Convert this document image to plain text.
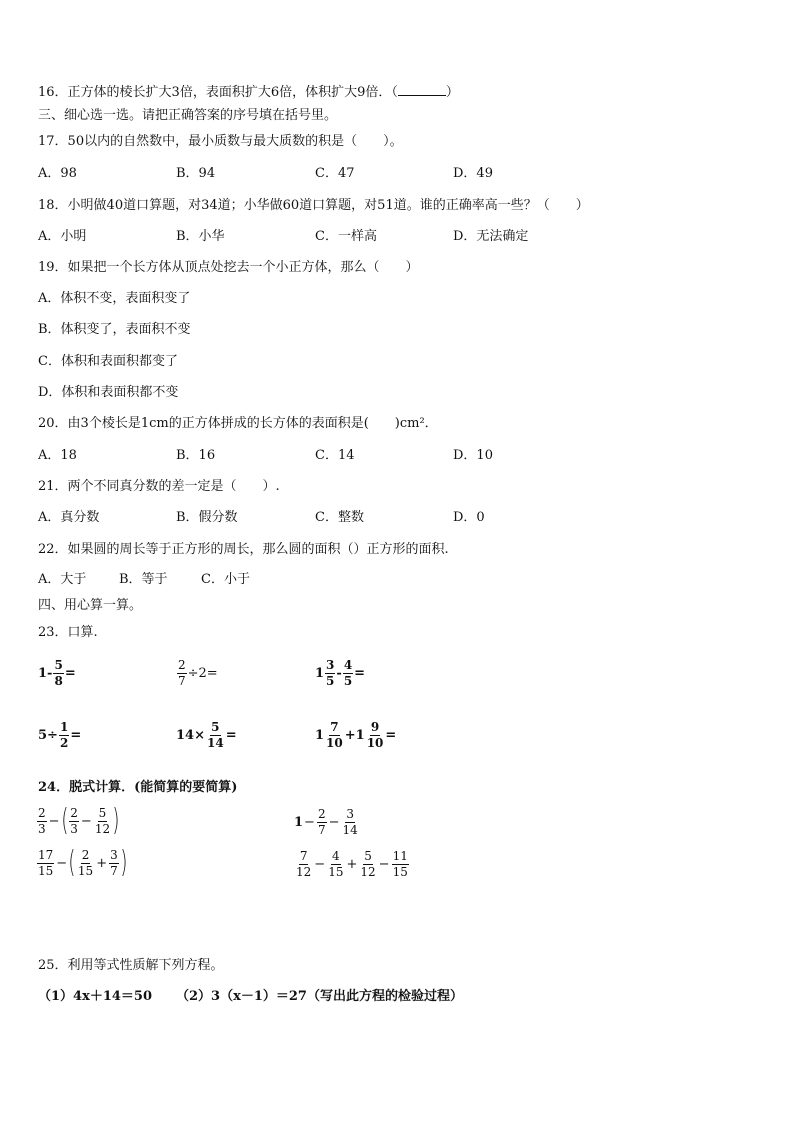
16．正方体的棱长扩大3倍，表面积扩大6倍，体积扩大9倍．（	）
三、细心选一选。请把正确答案的序号填在括号里。
17．50以内的自然数中，最小质数与最大质数的积是（　　）。
A．98	B．94	C．47	D．49
18．小明做40道口算题，对34道；小华做60道口算题，对51道。谁的正确率高一些？（　　）
A．小明	B．小华	C．一样高	D．无法确定
19．如果把一个长方体从顶点处挖去一个小正方体，那么（　　）
A．体积不变，表面积变了
B．体积变了，表面积不变
C．体积和表面积都变了
D．体积和表面积都不变
20．由3个棱长是1cm的正方体拼成的长方体的表面积是(　　)cm²．
A．18	B．16	C．14	D．10
21．两个不同真分数的差一定是（　　）.
A．真分数	B．假分数	C．整数	D．0
22．如果圆的周长等于正方形的周长，那么圆的面积（）正方形的面积.
A．大于	B．等于	C．小于
四、用心算一算。
23．口算.
$1- \frac{5}{8}$ =	$\frac{2}{7} \div 2=$	$1 \frac{3}{5} - \frac{4}{5}$ =
$5\div \frac{1}{2}$ =	$14\times \frac{5}{14}$ =	$1 \frac{7}{10} +1 \frac{9}{10}$ =
24．脱式计算．(能简算的要简算)
$\frac{2}{3}$ − ( $\frac{2}{3} - \frac{5}{12}$ )	$1 - \frac{2}{7} - \frac{3}{14}$
$\frac{17}{15}$ − ( $\frac{2}{15} + \frac{3}{7}$ )	$\frac{7}{12} - \frac{4}{15} + \frac{5}{12} - \frac{11}{15}$
25．利用等式性质解下列方程。
（1）4x＋14＝50 （2）3（x－1）＝27（写出此方程的检验过程）
